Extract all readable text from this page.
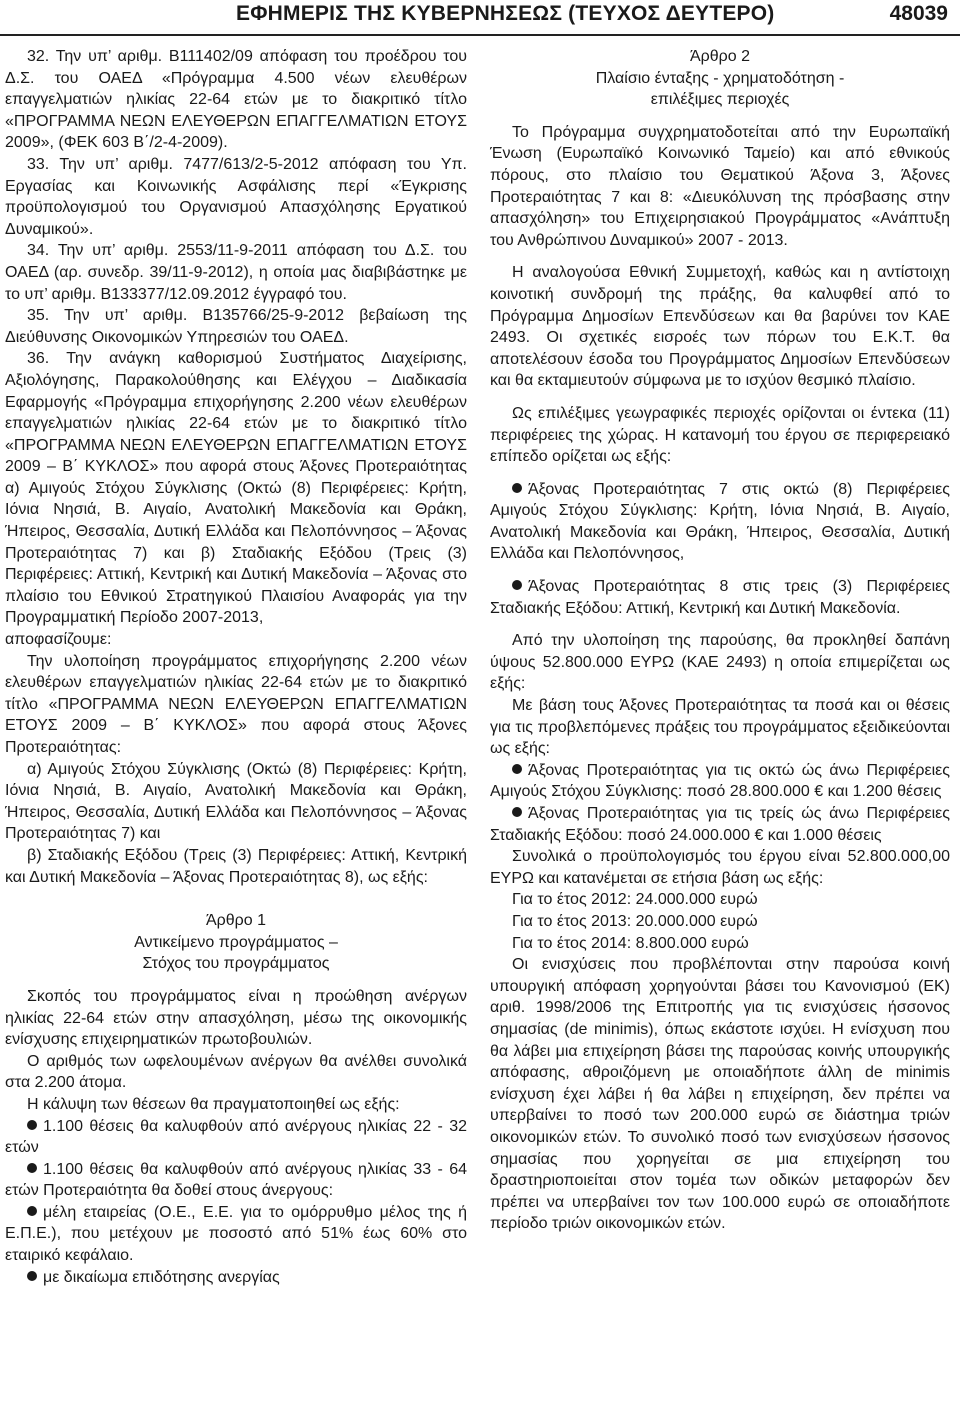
ΕΦΗΜΕΡΙΣ ΤΗΣ ΚΥΒΕΡΝΗΣΕΩΣ (ΤΕΥΧΟΣ ΔΕΥΤΕΡΟ)	48039

32. Την υπ’ αριθμ. Β111402/09 απόφαση του προέδρου του Δ.Σ. του ΟΑΕΔ «Πρόγραμμα 4.500 νέων ελευθέρων επαγγελματιών ηλικίας 22-64 ετών με το διακριτικό τίτλο «ΠΡΟΓΡΑΜΜΑ ΝΕΩΝ ΕΛΕΥΘΕΡΩΝ ΕΠΑΓΓΕΛΜΑΤΙΩΝ ΕΤΟΥΣ 2009», (ΦΕΚ 603 Β΄/2-4-2009).

33. Την υπ’ αριθμ. 7477/613/2-5-2012 απόφαση του Υπ. Εργασίας και Κοινωνικής Ασφάλισης περί «Έγκρισης προϋπολογισμού του Οργανισμού Απασχόλησης Εργατικού Δυναμικού».

34. Την υπ’ αριθμ. 2553/11-9-2011 απόφαση του Δ.Σ. του ΟΑΕΔ (αρ. συνεδρ. 39/11-9-2012), η οποία μας διαβιβάστηκε με το υπ’ αριθμ. Β133377/12.09.2012 έγγραφό του.

35. Την υπ’ αριθμ. Β135766/25-9-2012 βεβαίωση της Διεύθυνσης Οικονομικών Υπηρεσιών του ΟΑΕΔ.

36. Την ανάγκη καθορισμού Συστήματος Διαχείρισης, Αξιολόγησης, Παρακολούθησης και Ελέγχου – Διαδικασία Εφαρμογής «Πρόγραμμα επιχορήγησης 2.200 νέων ελευθέρων επαγγελματιών ηλικίας 22-64 ετών με το διακριτικό τίτλο «ΠΡΟΓΡΑΜΜΑ ΝΕΩΝ ΕΛΕΥΘΕΡΩΝ ΕΠΑΓΓΕΛΜΑΤΙΩΝ ΕΤΟΥΣ 2009 – Β΄ ΚΥΚΛΟΣ» που αφορά στους Άξονες Προτεραιότητας α) Αμιγούς Στόχου Σύγκλισης (Οκτώ (8) Περιφέρειες: Κρήτη, Ιόνια Νησιά, Β. Αιγαίο, Ανατολική Μακεδονία και Θράκη, Ήπειρος, Θεσσαλία, Δυτική Ελλάδα και Πελοπόννησος – Άξονας Προτεραιότητας 7) και β) Σταδιακής Εξόδου (Τρεις (3) Περιφέρειες: Αττική, Κεντρική και Δυτική Μακεδονία – Άξονας στο πλαίσιο του Εθνικού Στρατηγικού Πλαισίου Αναφοράς για την Προγραμματική Περίοδο 2007-2013,

αποφασίζουμε:

Την υλοποίηση προγράμματος επιχορήγησης 2.200 νέων ελευθέρων επαγγελματιών ηλικίας 22-64 ετών με το διακριτικό τίτλο «ΠΡΟΓΡΑΜΜΑ ΝΕΩΝ ΕΛΕΥΘΕΡΩΝ ΕΠΑΓΓΕΛΜΑΤΙΩΝ ΕΤΟΥΣ 2009 – Β΄ ΚΥΚΛΟΣ» που αφορά στους Άξονες Προτεραιότητας:

α) Αμιγούς Στόχου Σύγκλισης (Οκτώ (8) Περιφέρειες: Κρήτη, Ιόνια Νησιά, Β. Αιγαίο, Ανατολική Μακεδονία και Θράκη, Ήπειρος, Θεσσαλία, Δυτική Ελλάδα και Πελοπόννησος – Άξονας Προτεραιότητας 7) και

β) Σταδιακής Εξόδου (Τρεις (3) Περιφέρειες: Αττική, Κεντρική και Δυτική Μακεδονία – Άξονας Προτεραιότητας 8), ως εξής:

Άρθρο 1

Αντικείμενο προγράμματος –

Στόχος του προγράμματος

Σκοπός του προγράμματος είναι η προώθηση ανέργων ηλικίας 22-64 ετών στην απασχόληση, μέσω της οικονομικής ενίσχυσης επιχειρηματικών πρωτοβουλιών.

Ο αριθμός των ωφελουμένων ανέργων θα ανέλθει συνολικά στα 2.200 άτομα.

Η κάλυψη των θέσεων θα πραγματοποιηθεί ως εξής:

1.100 θέσεις θα καλυφθούν από ανέργους ηλικίας 22 - 32 ετών

1.100 θέσεις θα καλυφθούν από ανέργους ηλικίας 33 - 64 ετών Προτεραιότητα θα δοθεί στους άνεργους:

μέλη εταιρείας (Ο.Ε., Ε.Ε. για το ομόρρυθμο μέλος της ή Ε.Π.Ε.), που μετέχουν με ποσοστό από 51% έως 60% στο εταιρικό κεφάλαιο.

με δικαίωμα επιδότησης ανεργίας

Άρθρο 2

Πλαίσιο ένταξης - χρηματοδότηση -

επιλέξιμες περιοχές

Το Πρόγραμμα συγχρηματοδοτείται από την Ευρωπαϊκή Ένωση (Ευρωπαϊκό Κοινωνικό Ταμείο) και από εθνικούς πόρους, στο πλαίσιο του Θεματικού Άξονα 3, Άξονες Προτεραιότητας 7 και 8: «Διευκόλυνση της πρόσβασης στην απασχόληση» του Επιχειρησιακού Προγράμματος «Ανάπτυξη του Ανθρώπινου Δυναμικού» 2007 - 2013.

Η αναλογούσα Εθνική Συμμετοχή, καθώς και η αντίστοιχη κοινοτική συνδρομή της πράξης, θα καλυφθεί από το Πρόγραμμα Δημοσίων Επενδύσεων και θα βαρύνει τον ΚΑΕ 2493. Οι σχετικές εισροές των πόρων του Ε.Κ.Τ. θα αποτελέσουν έσοδα του Προγράμματος Δημοσίων Επενδύσεων και θα εκταμιευτούν σύμφωνα με το ισχύον θεσμικό πλαίσιο.

Ως επιλέξιμες γεωγραφικές περιοχές ορίζονται οι έντεκα (11) περιφέρειες της χώρας. Η κατανομή του έργου σε περιφερειακό επίπεδο ορίζεται ως εξής:

Άξονας Προτεραιότητας 7 στις οκτώ (8) Περιφέρειες Αμιγούς Στόχου Σύγκλισης: Κρήτη, Ιόνια Νησιά, Β. Αιγαίο, Ανατολική Μακεδονία και Θράκη, Ήπειρος, Θεσσαλία, Δυτική Ελλάδα και Πελοπόννησος,

Άξονας Προτεραιότητας 8 στις τρεις (3) Περιφέρειες Σταδιακής Εξόδου: Αττική, Κεντρική και Δυτική Μακεδονία.

Από την υλοποίηση της παρούσης, θα προκληθεί δαπάνη ύψους 52.800.000 ΕΥΡΩ (ΚΑΕ 2493) η οποία επιμερίζεται ως εξής:

Με βάση τους Άξονες Προτεραιότητας τα ποσά και οι θέσεις για τις προβλεπόμενες πράξεις του προγράμματος εξειδικεύονται ως εξής:

Άξονας Προτεραιότητας για τις οκτώ ώς άνω Περιφέρειες Αμιγούς Στόχου Σύγκλισης: ποσό 28.800.000 € και 1.200 θέσεις

Άξονας Προτεραιότητας για τις τρείς ώς άνω Περιφέρειες Σταδιακής Εξόδου: ποσό 24.000.000 € και 1.000 θέσεις

Συνολικά ο προϋπολογισμός του έργου είναι 52.800.000,00 ΕΥΡΩ και κατανέμεται σε ετήσια βάση ως εξής:

Για το έτος 2012: 24.000.000 ευρώ

Για το έτος 2013: 20.000.000 ευρώ

Για το έτος 2014: 8.800.000 ευρώ

Οι ενισχύσεις που προβλέπονται στην παρούσα κοινή υπουργική απόφαση χορηγούνται βάσει του Κανονισμού (ΕΚ) αριθ. 1998/2006 της Επιτροπής για τις ενισχύσεις ήσσονος σημασίας (de minimis), όπως εκάστοτε ισχύει. Η ενίσχυση που θα λάβει μια επιχείρηση βάσει της παρούσας κοινής υπουργικής απόφασης, αθροιζόμενη με οποιαδήποτε άλλη de minimis ενίσχυση έχει λάβει ή θα λάβει η επιχείρηση, δεν πρέπει να υπερβαίνει το ποσό των 200.000 ευρώ σε διάστημα τριών οικονομικών ετών. Το συνολικό ποσό των ενισχύσεων ήσσονος σημασίας που χορηγείται σε μια επιχείρηση του δραστηριοποιείται στον τομέα των οδικών μεταφορών δεν πρέπει να υπερβαίνει τον των 100.000 ευρώ σε οποιαδήποτε περίοδο τριών οικονομικών ετών.
